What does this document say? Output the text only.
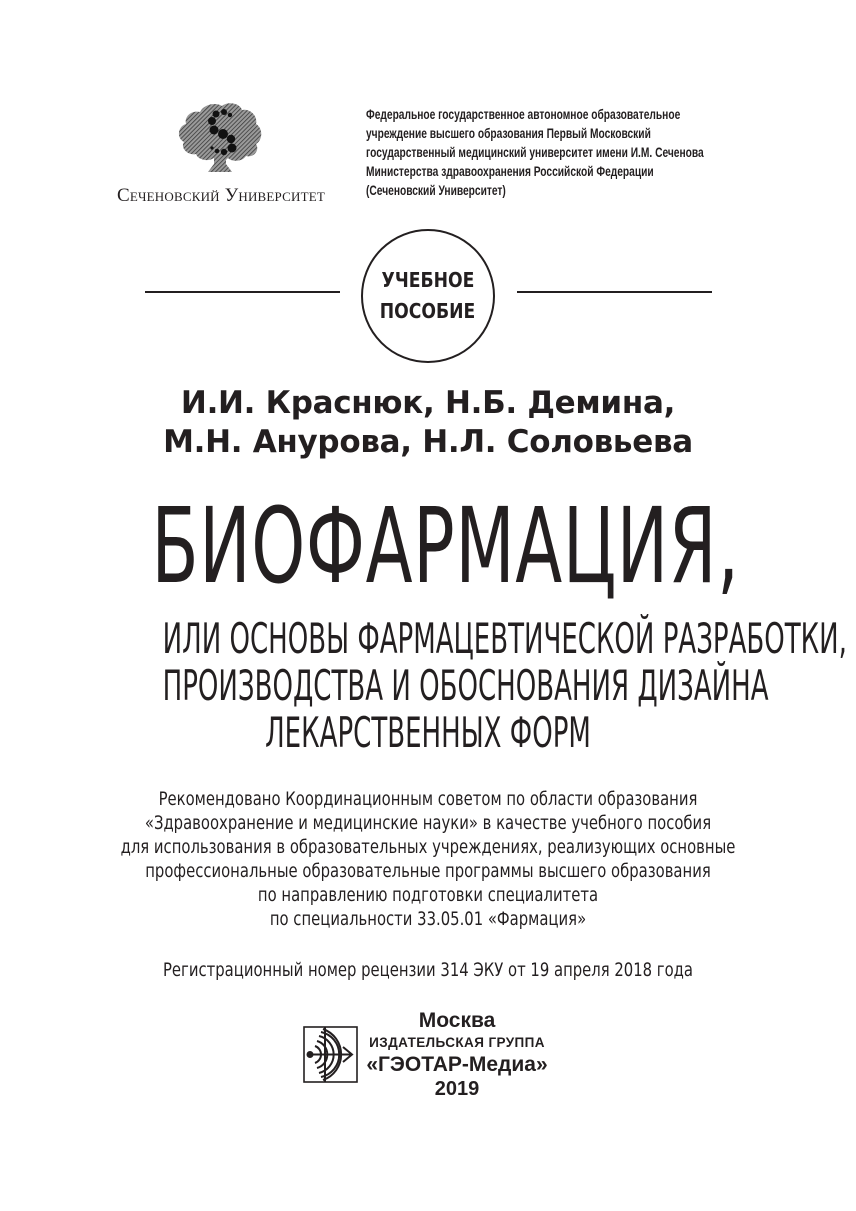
Сеченовский Университет
Федеральное государственное автономное образовательное
учреждение высшего образования Первый Московский
государственный медицинский университет имени И.М. Сеченова
Министерства здравоохранения Российской Федерации
(Сеченовский Университет)
УЧЕБНОЕ
ПОСОБИЕ
И.И. Краснюк, Н.Б. Демина,
М.Н. Анурова, Н.Л. Соловьева
БИОФАРМАЦИЯ,
ИЛИ ОСНОВЫ ФАРМАЦЕВТИЧЕСКОЙ РАЗРАБОТКИ,
ПРОИЗВОДСТВА И ОБОСНОВАНИЯ ДИЗАЙНА
ЛЕКАРСТВЕННЫХ ФОРМ
Рекомендовано Координационным советом по области образования
«Здравоохранение и медицинские науки» в качестве учебного пособия
для использования в образовательных учреждениях, реализующих основные
профессиональные образовательные программы высшего образования
по направлению подготовки специалитета
по специальности 33.05.01 «Фармация»
Регистрационный номер рецензии 314 ЭКУ от 19 апреля 2018 года
Москва
ИЗДАТЕЛЬСКАЯ ГРУППА
«ГЭОТАР-Медиа»
2019
